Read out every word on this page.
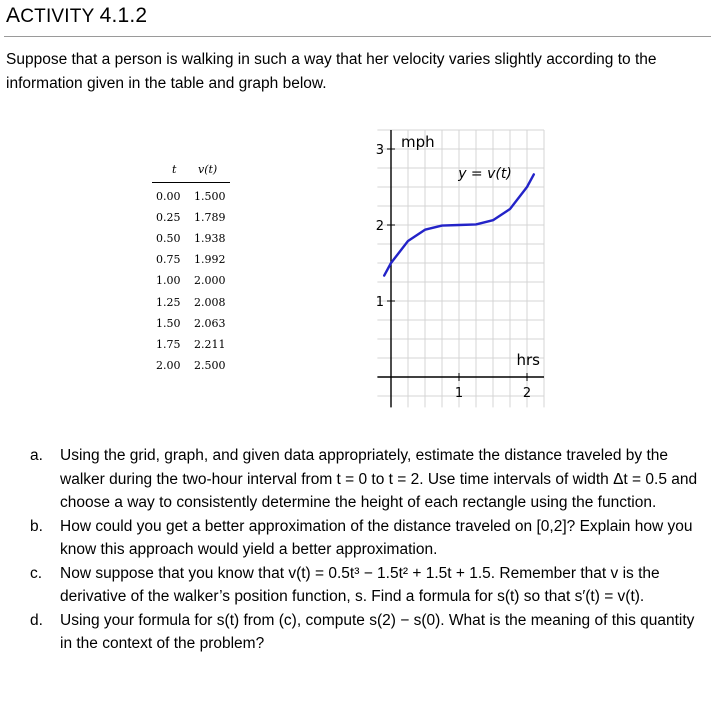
ACTIVITY 4.1.2
Suppose that a person is walking in such a way that her velocity varies slightly according to the information given in the table and graph below.
t v(t)
0.00 1.500
0.25 1.789
0.50 1.938
0.75 1.992
1.00 2.000
1.25 2.008
1.50 2.063
1.75 2.211
2.00 2.500
1	2
1
2
3 mph
hrs
y = v(t)
a. Using the grid, graph, and given data appropriately, estimate the distance traveled by the walker during the two-hour interval from t = 0 to t = 2. Use time intervals of width Δt = 0.5 and choose a way to consistently determine the height of each rectangle using the function.
b. How could you get a better approximation of the distance traveled on [0,2]? Explain how you know this approach would yield a better approximation.
c. Now suppose that you know that v(t) = 0.5t³ − 1.5t² + 1.5t + 1.5. Remember that v is the derivative of the walker’s position function, s. Find a formula for s(t) so that s′(t) = v(t).
d. Using your formula for s(t) from (c), compute s(2) − s(0). What is the meaning of this quantity in the context of the problem?
